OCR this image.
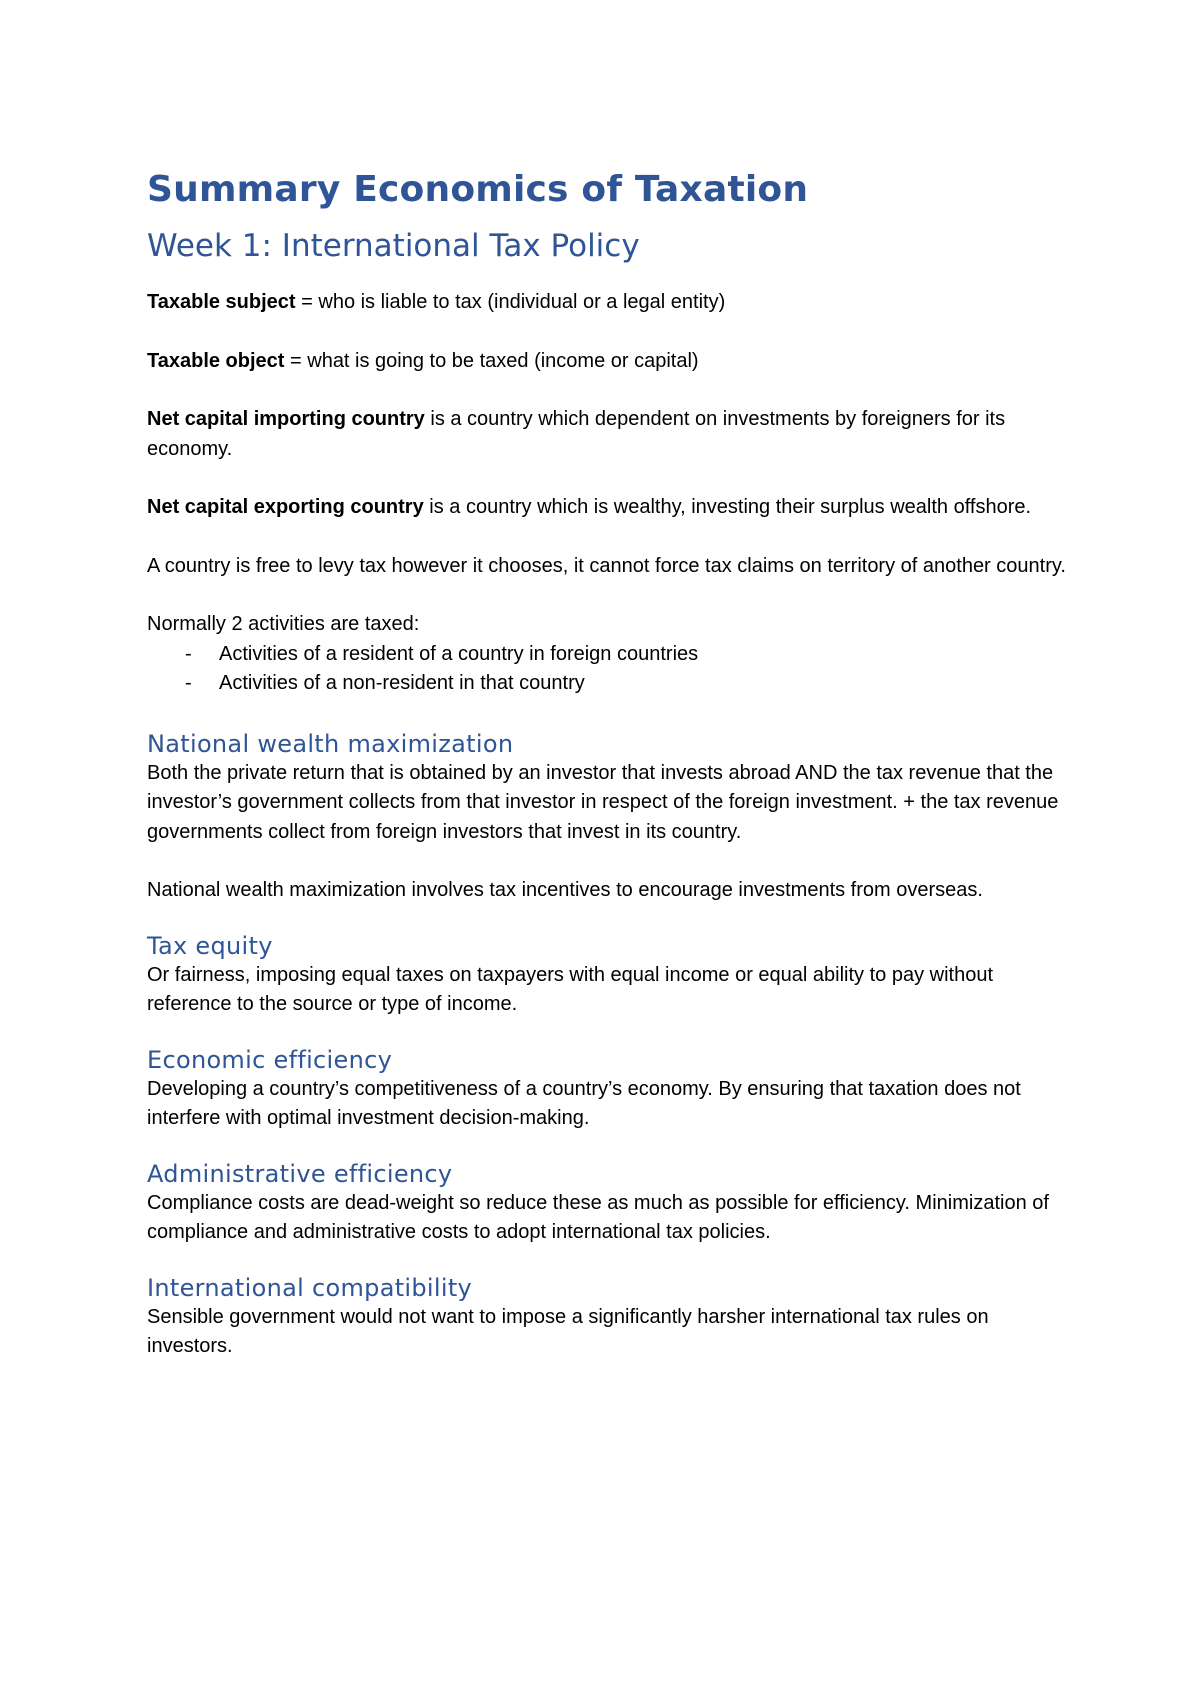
Summary Economics of Taxation
Week 1: International Tax Policy

Taxable subject = who is liable to tax (individual or a legal entity)

Taxable object = what is going to be taxed (income or capital)

Net capital importing country is a country which dependent on investments by foreigners for its economy.

Net capital exporting country is a country which is wealthy, investing their surplus wealth offshore.

A country is free to levy tax however it chooses, it cannot force tax claims on territory of another country.

Normally 2 activities are taxed:

- Activities of a resident of a country in foreign countries
- Activities of a non-resident in that country
National wealth maximization

Both the private return that is obtained by an investor that invests abroad AND the tax revenue that the investor’s government collects from that investor in respect of the foreign investment. + the tax revenue governments collect from foreign investors that invest in its country.

National wealth maximization involves tax incentives to encourage investments from overseas.

Tax equity

Or fairness, imposing equal taxes on taxpayers with equal income or equal ability to pay without reference to the source or type of income.

Economic efficiency

Developing a country’s competitiveness of a country’s economy. By ensuring that taxation does not interfere with optimal investment decision-making.

Administrative efficiency

Compliance costs are dead-weight so reduce these as much as possible for efficiency. Minimization of compliance and administrative costs to adopt international tax policies.

International compatibility

Sensible government would not want to impose a significantly harsher international tax rules on investors.
